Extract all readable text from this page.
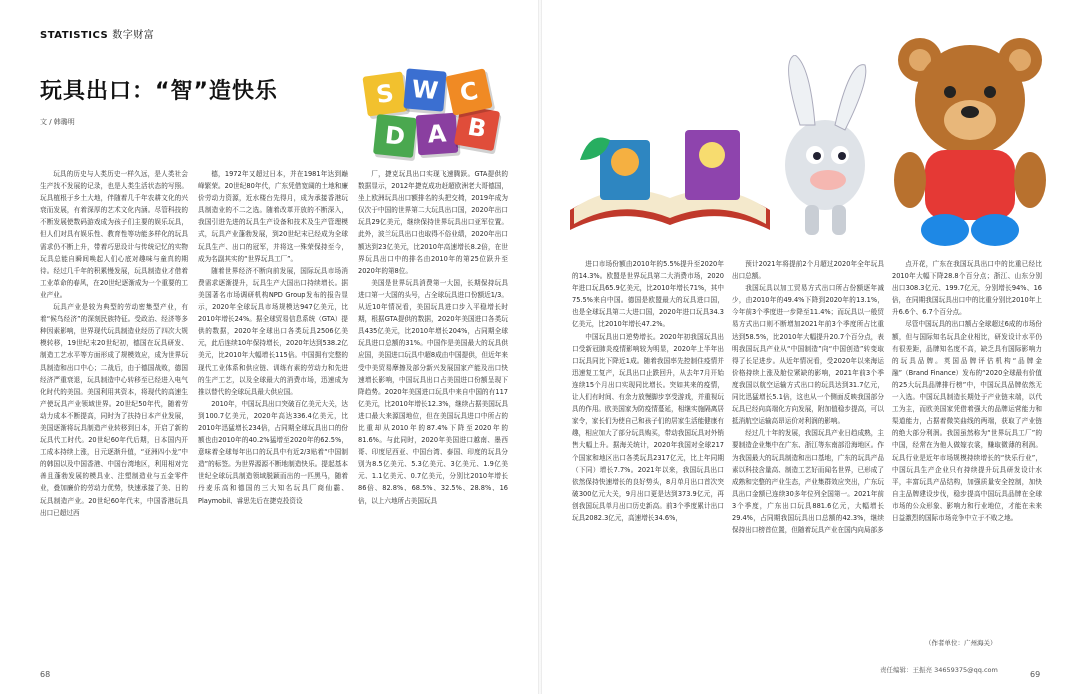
STATISTICS 数字财富
玩具出口：“智”造快乐
文 / 韩璐明
S W
D A B
C

玩具的历史与人类历史一样久远，是人类社会生产找不发展的记录，也是人类生活状态的写照。玩具植根于乡土大地，伴随着几千年农耕文化的兴衰而发展，有着深厚的艺术文化内涵。尽管科技的不断发展使数码游戏成为孩子们主要的娱乐玩具，但人们对具有娱乐性、教育性等功能多样化的玩具需求仍不断上升，带着巧思设计与传统记忆的实物玩具总能自瞬间唤起人们心底对趣味与童真的期待。经过几千年的积累慢发展，玩具制造业才借着工业革命的春风，在20世纪逐渐成为一个重要的工业产业。

玩具产业是较为典型的劳动密集型产业，有着“候鸟经济”的深刻民族特征。受政治、经济等多种因素影响，世界现代玩具制造业经历了四次大规模转移，19世纪末20世纪初，德国在玩具研发、制造工艺水平等方面形成了规模效应，成为世界玩具制造和出口中心；二战后，由于德国战败，德国经济严重衰退，玩具制造中心转移至已经进入电气化时代的美国。美国利用其资本，将现代的高速生产使玩具产业领域世界。20世纪50年代，随着劳动力成本不断提高，同时为了扶持日本产业发展，美国逐渐将玩具制造产业转移到日本，开启了新的玩具代工时代。20世纪60年代后期，日本国内开工成本持续上涨，日元逐渐升值，“亚洲四小龙”中的韩国以及中国香港、中国台湾地区，利用相对完善且蓬勃发展的模具业、注塑制造业与五金零件业，叠加廉价的劳动力优势，快速承接了美、日的玩具制造产业。20世纪60年代末，中国香港玩具出口已超过西

德，1972年又超过日本，并在1981年达到巅峰繁荣。20世纪80年代，广东凭借宽阔的土地和廉价劳动力资源，近水楼台先得月，成为承接香港玩具制造业的不二之选。随着改革开放的不断深入，我国引进先进的玩具生产设备和技术及生产管理模式，玩具产业蓬勃发展，到20世纪末已经成为全球玩具生产、出口的冠军，并将这一殊荣保持至今，成为名副其实的“世界玩具工厂”。

随着世界经济不断向前发展，国际玩具市场消费需求逐渐提升，玩具生产大国出口持续增长。据美国著名市场调研机构NPD Group发布的报告显示，2020年全球玩具市场规模达947亿美元，比2010年增长24%。据全球贸易信息系统（GTA）提供的数据，2020年全球出口各类玩具2506亿美元，此后连续10年保持增长，2020年达到538.2亿美元，比2010年大幅增长115倍。中国拥有完整的现代工业体系和供应链、训练有素的劳动力和先进的生产工艺，以及全球最大的消费市场，迅速成为推以替代的全球玩具最大供应国。

2010年，中国玩具出口突破百亿美元大关，达到100.7亿美元，2020年高达336.4亿美元，比2010年迅猛增长234倍，占同期全球玩具出口的份额也由2010年的40.2%猛增至2020年的62.5%，意味着全球每年出口的玩具中有近2/3贴着“中国制造”的标签。为世界源源不断地制造快乐。提起基本世纪全球玩具制造领域脱颖而出的一匹黑马，随着丹麦乐高和德国的三大知名玩具厂商仙霸、Playmobil、睿思先后在捷克投资设

厂，捷克玩具出口实现飞速腾跃。GTA提供的数据显示，2012年捷克成功赶超欧洲老大哥德国，坐上欧洲玩具出口额排名的头把交椅，2019年成为仅次于中国的世界第二大玩具出口国，2020年出口玩具29亿美元，继续保持世界玩具出口亚军位置。此外，波兰玩具出口也取得不俗业绩，2020年出口额达到23亿美元，比2010年高速增长8.2倍，在世界玩具出口中的排名由2010年的第25位跃升至2020年的第8位。

美国是世界玩具消费第一大国，长期保持玩具进口第一大国的头号，占全球玩具进口份额近1/3。从近10年情况看，美国玩具进口步入平稳增长时期，根据GTA提供的数据，2020年美国进口各类玩具435亿美元，比2010年增长204%，占同期全球玩具进口总额的31%。中国作是美国最大的玩具供应国，美国进口玩具中超8成由中国提供，但近年来受中美贸易摩擦及部分新兴发展国家产能及出口快速增长影响，中国玩具出口占美国进口份额呈现下降趋势。2020年美国进口玩具中来自中国的有117亿美元，比2010年增长12.3%，继续占据美国玩具进口最大来源国地位，但在美国玩具进口中所占的比重却从2010年的87.4%下降至2020年的81.6%。与此同时，2020年美国进口越南、墨西哥、印度尼西亚、中国台湾、泰国、印度的玩具分别为8.5亿美元、5.3亿美元、3亿美元、1.9亿美元、1.1亿美元、0.7亿美元，分别比2010年增长86倍、82.8%、68.5%、32.5%、28.8%、16倍，以上六地所占美国玩具

进口市场份额由2010年的5.5%提升至2020年的14.3%。欧盟是世界玩具第二大消费市场，2020年进口玩具65.9亿美元，比2010年增长71%，其中75.5%来自中国。德国是欧盟最大的玩具进口国，也是全球玩具第二大进口国，2020年进口玩具34.3亿美元，比2010年增长47.2%。

中国玩具出口逆势增长。2020年初我国玩具出口受新冠肺炎疫情影响较为明显，2020年上半年出口玩具同比下降近1成。随着我国率先控制住疫情并迅速复工复产，玩具出口止跌回升，从去年7月开始连续15个月出口实现同比增长。突如其来的疫情，让人们有时间、有余力放慢脚步享受游戏，并重视玩具的作用。欧美国家为防疫情蔓延，相继实施隔离居家令，家长们为使自己和孩子们的居家生活能健康有趣，相应加大了部分玩具购买，带动我国玩具对外销售大幅上升。据海关统计，2020年我国对全球217个国家和地区出口各类玩具2317亿元，比上年同期（下同）增长7.7%。2021年以来，我国玩具出口依然保持快速增长的良好势头，8月单月出口首次突破300亿元大关，9月出口更是达到373.9亿元，再创我国玩具单月出口历史新高。前3个季度累计出口玩具2082.3亿元，高速增长34.6%，

预计2021年将提前2个月超过2020年全年玩具出口总额。

我国玩具以加工贸易方式出口所占份额逐年减少，由2010年的49.4%下降到2020年的13.1%，今年前3个季度进一步降至11.4%；而玩具以一般贸易方式出口则不断增加2021年前3个季度所占比重达到58.5%，比2010年大幅提升20.7个百分点，表明我国玩具产业从“中国制造”向“中国创造”转变取得了长足进步。从近年情况看，受2020年以来海运价格持续上涨及舱位紧缺的影响，2021年前3个季度我国以航空运输方式出口的玩具达到31.7亿元，同比迅猛增长5.1倍，这也从一个侧面反映我国部分玩具已经向高端化方向发展，附加值稳步提高，可以抵消航空运输高昂运价对利润的影响。

经过几十年的发展，我国玩具产业日趋成熟，主要制造企业集中在广东、浙江等东南部沿海地区。作为我国最大的玩具制造和出口基地，广东的玩具产品素以科技含量高、制造工艺好而闻名世界，已形成了成熟和完整的产业生态，产业集群效应突出，广东玩具出口金额已连续30多年位列全国第一。2021年前3个季度，广东出口玩具881.6亿元，大幅增长29.4%，占同期我国玩具出口总额的42.3%，继续保持出口榜首位置，但随着玩具产业在国内向局部多

点开花，广东在我国玩具出口中的比重已经比2010年大幅下降28.8个百分点；浙江、山东分别出口308.3亿元、199.7亿元，分别增长94%、16倍，在同期我国玩具出口中的比重分别比2010年上升6.6个、6.7个百分点。

尽管中国玩具的出口额占全球超过6成的市场份额，但与国际知名玩具企业相比，研发设计水平仍有很差距，品牌知名度不高，缺乏具有国际影响力的玩具品牌。英国品牌评估机构“品牌金融”（Brand Finance）发布的“2020全球最有价值的25大玩具品牌排行榜”中，中国玩具品牌依然无一入选。中国玩具制造长期处于产业链末端，以代工为主，而欧美国家凭借着强大的品牌运营能力和渠道能力，占据着微笑曲线的两端，获取了产业链的绝大部分利润。我国虽然称为“世界玩具工厂”的中国，经常在为他人做嫁衣裳，赚取微薄的利润。玩具行业是近年市场规模持续增长的“快乐行业”，中国玩具生产企业只有持续提升玩具研发设计水平，丰富玩具产品结构，加强质量安全控制，加快自主品牌建设步伐，稳步提高中国玩具品牌在全球市场的公众形象、影响力和行业地位，才能在未来日益激烈的国际市场竞争中立于不败之地。

（作者单位：广州海关）
责任编辑：王振亮 34659375@qq.com
68	69
